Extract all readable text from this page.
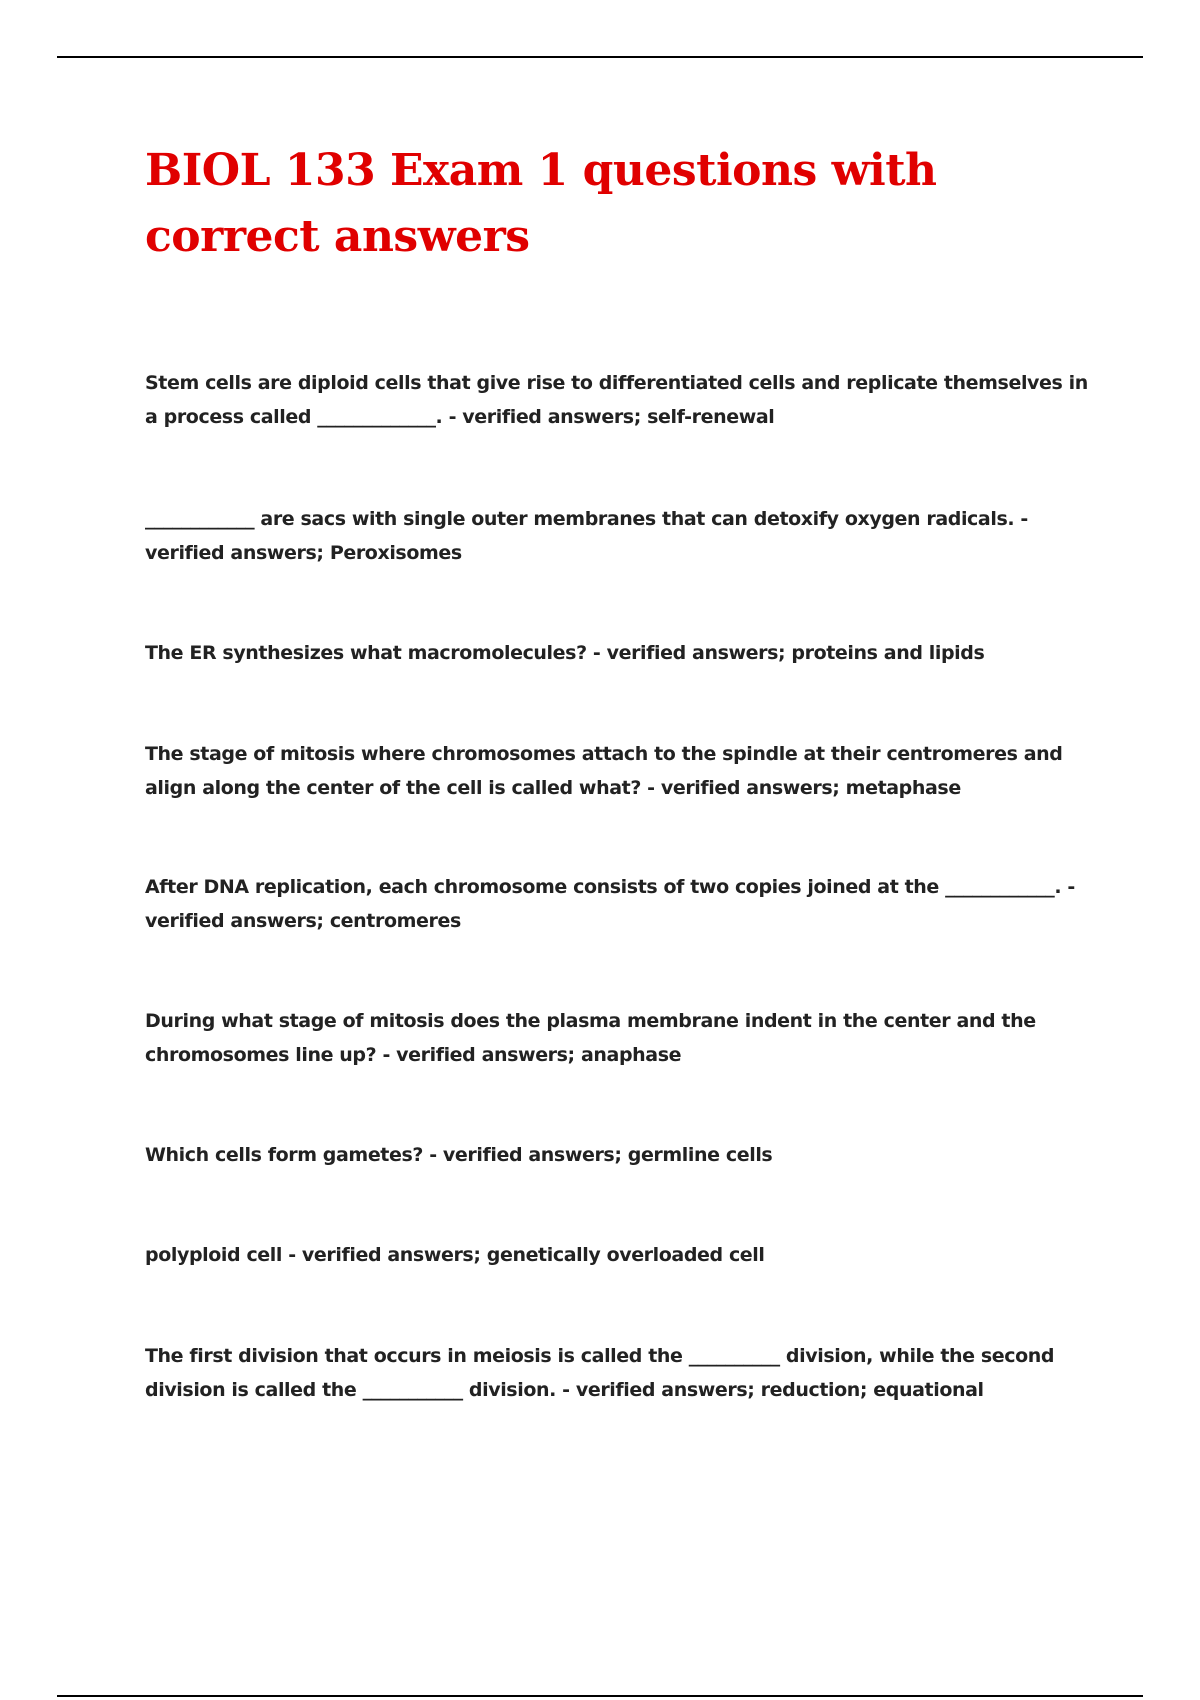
BIOL 133 Exam 1 questions with correct answers

Stem cells are diploid cells that give rise to differentiated cells and replicate themselves in a process called _____________. - verified answers; self-renewal

____________ are sacs with single outer membranes that can detoxify oxygen radicals. - verified answers; Peroxisomes

The ER synthesizes what macromolecules? - verified answers; proteins and lipids

The stage of mitosis where chromosomes attach to the spindle at their centromeres and align along the center of the cell is called what? - verified answers; metaphase

After DNA replication, each chromosome consists of two copies joined at the ____________. - verified answers; centromeres

During what stage of mitosis does the plasma membrane indent in the center and the chromosomes line up? - verified answers; anaphase

Which cells form gametes? - verified answers; germline cells

polyploid cell - verified answers; genetically overloaded cell

The first division that occurs in meiosis is called the __________ division, while the second division is called the ___________ division. - verified answers; reduction; equational
